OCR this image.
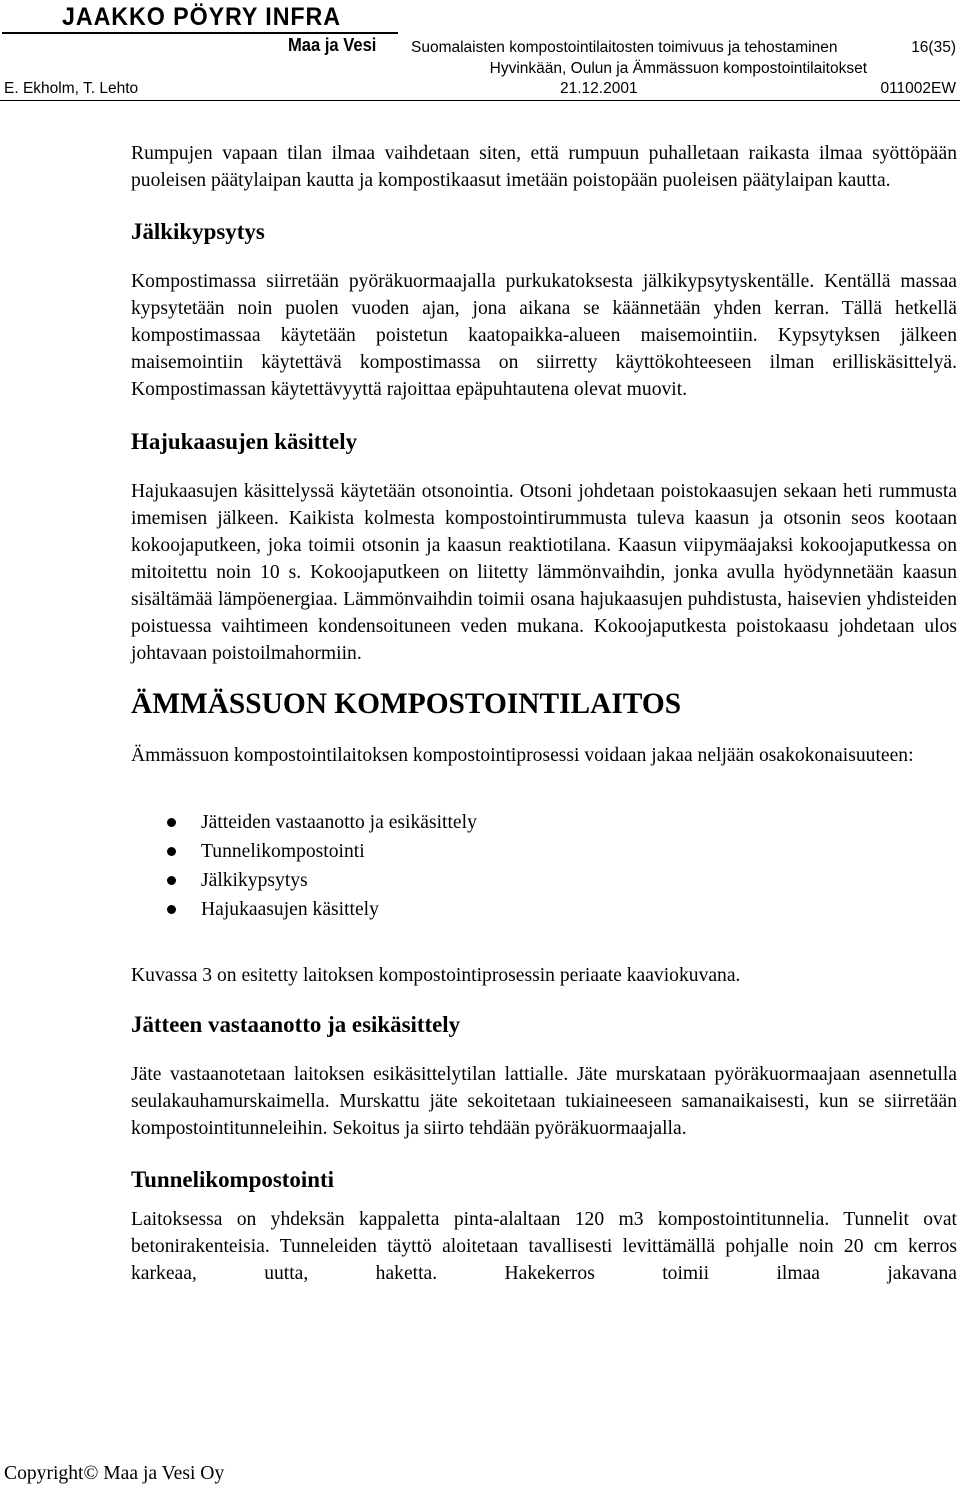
JAAKKO PÖYRY INFRA
Maa ja Vesi Suomalaisten kompostointilaitosten toimivuus ja tehostaminen	16(35)
Hyvinkään, Oulun ja Ämmässuon kompostointilaitokset
E. Ekholm, T. Lehto	21.12.2001	011002EW

Rumpujen vapaan tilan ilmaa vaihdetaan siten, että rumpuun puhalletaan raikasta ilmaa syöttöpään puoleisen päätylaipan kautta ja kompostikaasut imetään poistopään puoleisen päätylaipan kautta.

Jälkikypsytys

Kompostimassa siirretään pyöräkuormaajalla purkukatoksesta jälkikypsytyskentälle. Kentällä massaa kypsytetään noin puolen vuoden ajan, jona aikana se käännetään yhden kerran. Tällä hetkellä kompostimassaa käytetään poistetun kaatopaikka-alueen maisemointiin. Kypsytyksen jälkeen maisemointiin käytettävä kompostimassa on siirretty käyttökohteeseen ilman erilliskäsittelyä. Kompostimassan käytettävyyttä rajoittaa epäpuhtautena olevat muovit.

Hajukaasujen käsittely

Hajukaasujen käsittelyssä käytetään otsonointia. Otsoni johdetaan poistokaasujen sekaan heti rummusta imemisen jälkeen. Kaikista kolmesta kompostointirummusta tuleva kaasun ja otsonin seos kootaan kokoojaputkeen, joka toimii otsonin ja kaasun reaktiotilana. Kaasun viipymäajaksi kokoojaputkessa on mitoitettu noin 10 s. Kokoojaputkeen on liitetty lämmönvaihdin, jonka avulla hyödynnetään kaasun sisältämää lämpöenergiaa. Lämmönvaihdin toimii osana hajukaasujen puhdistusta, haisevien yhdisteiden poistuessa vaihtimeen kondensoituneen veden mukana. Kokoojaputkesta poistokaasu johdetaan ulos johtavaan poistoilmahormiin.

ÄMMÄSSUON KOMPOSTOINTILAITOS

Ämmässuon kompostointilaitoksen kompostointiprosessi voidaan jakaa neljään osakokonaisuuteen:

Jätteiden vastaanotto ja esikäsittely
Tunnelikompostointi
Jälkikypsytys
Hajukaasujen käsittely

Kuvassa 3 on esitetty laitoksen kompostointiprosessin periaate kaaviokuvana.

Jätteen vastaanotto ja esikäsittely

Jäte vastaanotetaan laitoksen esikäsittelytilan lattialle. Jäte murskataan pyöräkuormaajaan asennetulla seulakauhamurskaimella. Murskattu jäte sekoitetaan tukiaineeseen samanaikaisesti, kun se siirretään kompostointitunneleihin. Sekoitus ja siirto tehdään pyöräkuormaajalla.

Tunnelikompostointi

Laitoksessa on yhdeksän kappaletta pinta-alaltaan 120 m3 kompostointitunnelia. Tunnelit ovat betonirakenteisia. Tunneleiden täyttö aloitetaan tavallisesti levittämällä pohjalle noin 20 cm kerros karkeaa, uutta, haketta. Hakekerros toimii ilmaa jakavana

Copyright© Maa ja Vesi Oy
